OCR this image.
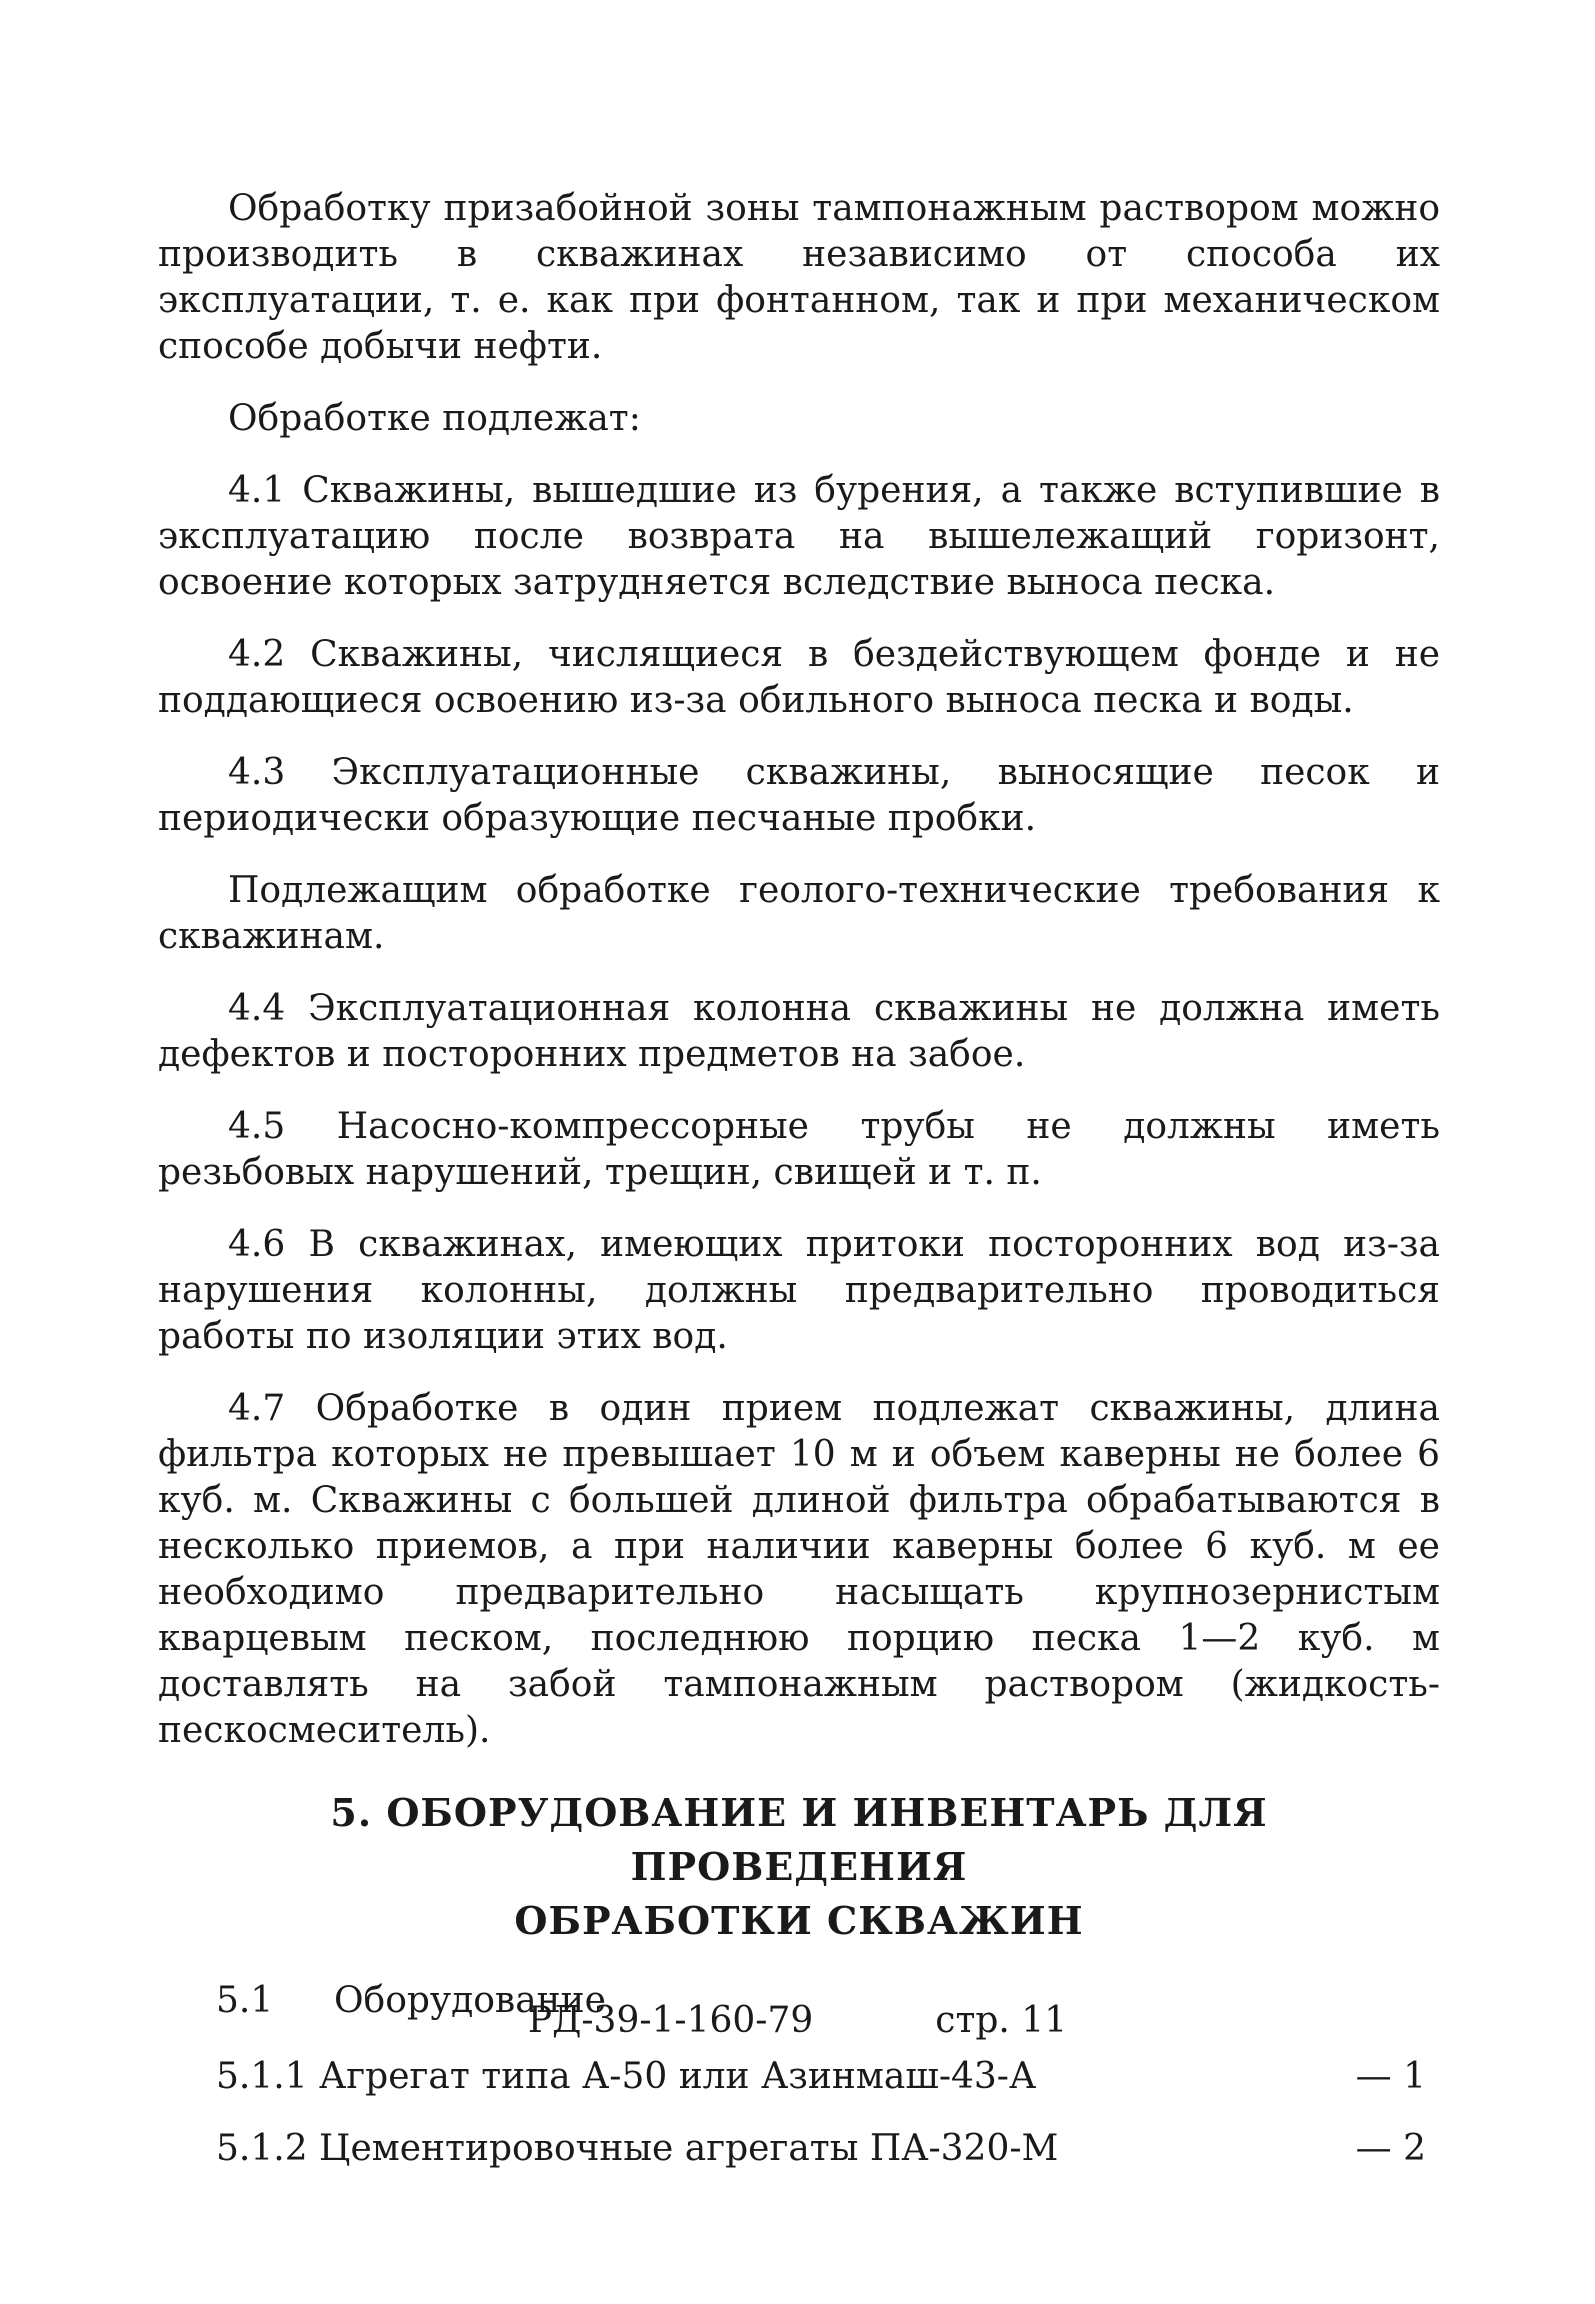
Обработку призабойной зоны тампонажным раствором можно производить в скважинах независимо от способа их эксплуатации, т. е. как при фонтанном, так и при механическом способе добычи нефти.

Обработке подлежат:

4.1 Скважины, вышедшие из бурения, а также вступившие в эксплуатацию после возврата на вышележащий горизонт, освоение которых затрудняется вследствие выноса песка.

4.2 Скважины, числящиеся в бездействующем фонде и не поддающиеся освоению из-за обильного выноса песка и воды.

4.3 Эксплуатационные скважины, выносящие песок и периодически образующие песчаные пробки.

Подлежащим обработке геолого-технические требования к скважинам.

4.4 Эксплуатационная колонна скважины не должна иметь дефектов и посторонних предметов на забое.

4.5 Насосно-компрессорные трубы не должны иметь резьбовых нарушений, трещин, свищей и т. п.

4.6 В скважинах, имеющих притоки посторонних вод из-за нарушения колонны, должны предварительно проводиться работы по изоляции этих вод.

4.7 Обработке в один прием подлежат скважины, длина фильтра которых не превышает 10 м и объем каверны не более 6 куб. м. Скважины с большей длиной фильтра обрабатываются в несколько приемов, а при наличии каверны более 6 куб. м ее необходимо предварительно насыщать крупнозернистым кварцевым песком, последнюю порцию песка 1—2 куб. м доставлять на забой тампонажным раствором (жидкость-пескосмеситель).

5. ОБОРУДОВАНИЕ И ИНВЕНТАРЬ ДЛЯ ПРОВЕДЕНИЯ
ОБРАБОТКИ СКВАЖИН
5.1 Оборудование
5.1.1 Агрегат типа А-50 или Азинмаш-43-А	— 1
5.1.2 Цементировочные агрегаты ПА-320-М	— 2
РД-39-1-160-79	стр. 11
